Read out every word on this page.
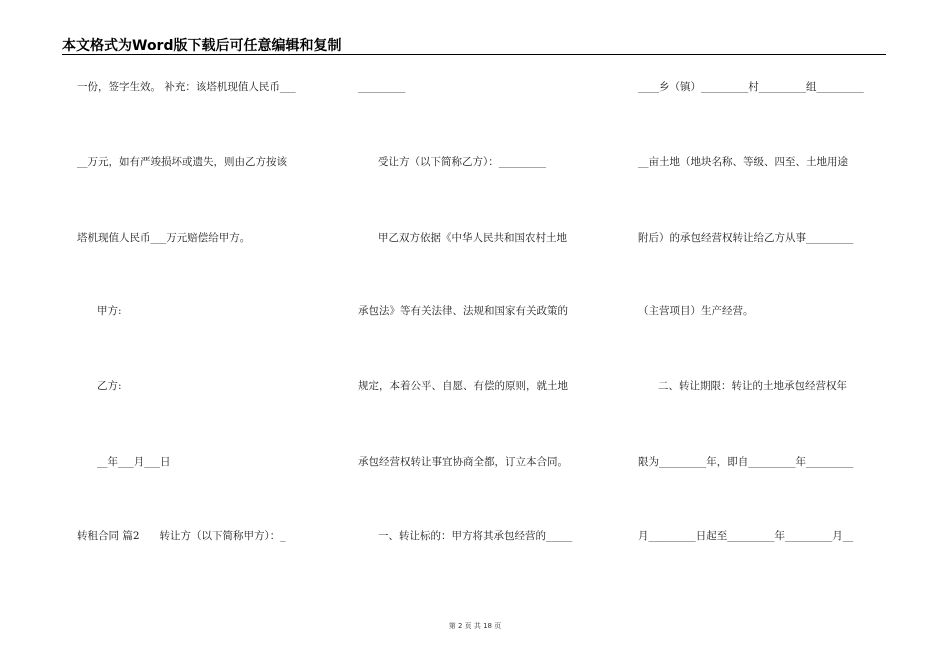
本文格式为Word版下载后可任意编辑和复制
一份，签字生效。 补充：该塔机现值人民币___
__万元，如有严竣损坏或遗失，则由乙方按该
塔机现值人民币___万元赔偿给甲方。
甲方:
乙方:
__年___月___日
转租合同 篇2      转让方（以下简称甲方）：_
_________
受让方（以下简称乙方）：_________
甲乙双方依据《中华人民共和国农村土地
承包法》等有关法律、法规和国家有关政策的
规定，本着公平、自愿、有偿的原则，就土地
承包经营权转让事宜协商全都，订立本合同。
一、转让标的：甲方将其承包经营的_____
____乡（镇）_________村_________组_________
__亩土地（地块名称、等级、四至、土地用途
附后）的承包经营权转让给乙方从事_________
（主营项目）生产经营。
二、转让期限：转让的土地承包经营权年
限为_________年，即自_________年_________
月_________日起至_________年_________月__
第 2 页 共 18 页
